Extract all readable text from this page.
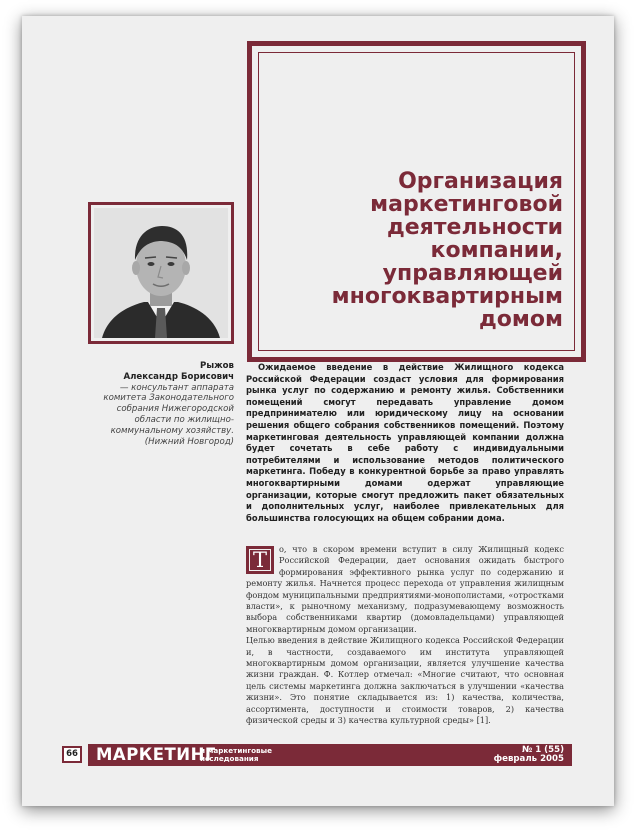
Организация
маркетинговой
деятельности
компании,
управляющей
многоквартирным
домом
Рыжов
Александр Борисович
— консультант аппарата комитета Законодательного собрания Нижегородской области по жилищно-коммунальному хозяйству. (Нижний Новгород)

Ожидаемое введение в действие Жилищного кодекса Российской Федерации создаст условия для формирования рынка услуг по содержанию и ремонту жилья. Собственники помещений смогут передавать управление домом предпринимателю или юридическому лицу на основании решения общего собрания собственников помещений. Поэтому маркетинговая деятельность управляющей компании должна будет сочетать в себе работу с индивидуальными потребителями и использование методов политического маркетинга. Победу в конкурентной борьбе за право управлять многоквартирными домами одержат управляющие организации, которые смогут предложить пакет обязательных и дополнительных услуг, наиболее привлекательных для большинства голосующих на общем собрании дома.

Т	о, что в скором времени вступит в силу Жилищный кодекс Российской Федерации, дает основания ожидать быстрого формирования эффективного рынка услуг по содержанию и ремонту жилья. Начнется процесс перехода от управления жилищным фондом муниципальными предприятиями-монополистами, «отростками власти», к рыночному механизму, подразумевающему возможность выбора собственниками квартир (домовладельцами) управляющей многоквартирным домом организации.

Целью введения в действие Жилищного кодекса Российской Федерации и, в частности, создаваемого им института управляющей многоквартирным домом организации, является улучшение качества жизни граждан. Ф. Котлер отмечал: «Многие считают, что основная цель системы маркетинга должна заключаться в улучшении «качества жизни». Это понятие складывается из: 1) качества, количества, ассортимента, доступности и стоимости товаров, 2) качества физической среды и 3) качества культурной среды» [1].

66 МАРКЕТИНГ
и маркетинговые
исследования
№ 1 (55)
февраль 2005
